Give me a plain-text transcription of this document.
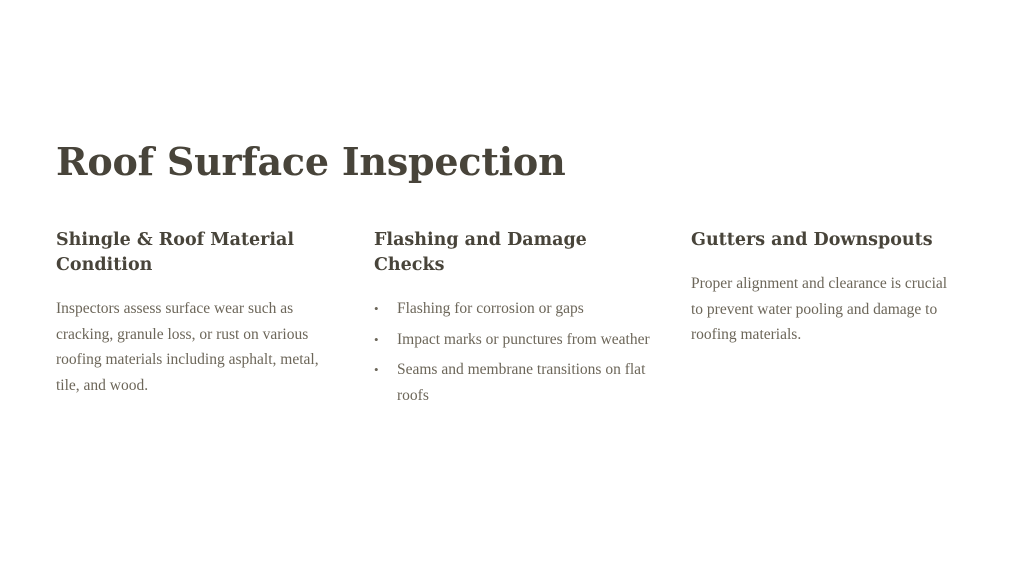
Roof Surface Inspection
Shingle & Roof Material Condition

Inspectors assess surface wear such as cracking, granule loss, or rust on various roofing materials including asphalt, metal, tile, and wood.

Flashing and Damage Checks
• Flashing for corrosion or gaps
• Impact marks or punctures from weather
• Seams and membrane transitions on flat roofs
Gutters and Downspouts

Proper alignment and clearance is crucial to prevent water pooling and damage to roofing materials.
